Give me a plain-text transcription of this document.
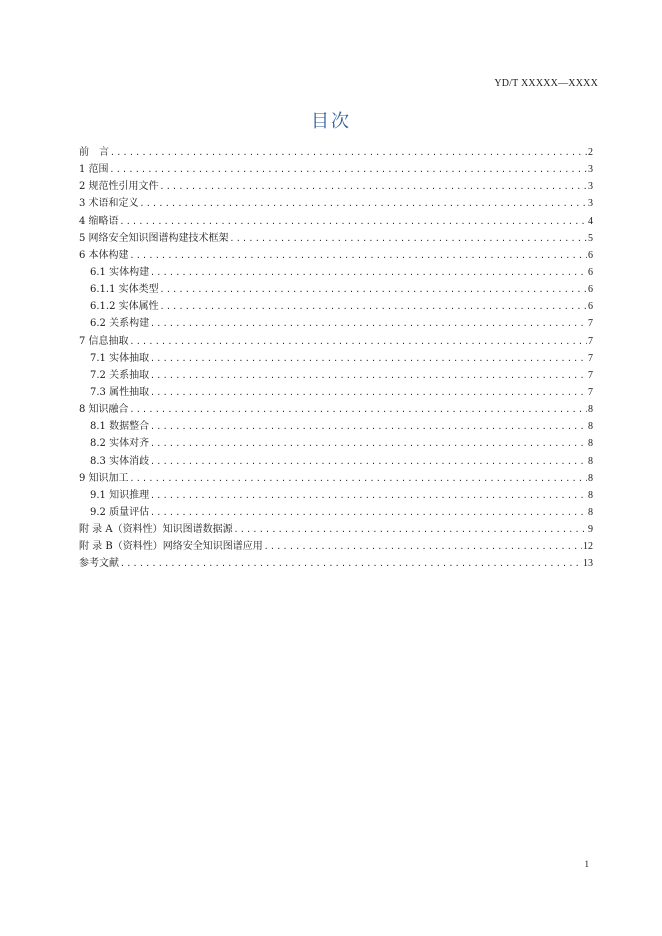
YD/T XXXXX—XXXX
目次
前　言 .....	2
1 范围 .....	3
2 规范性引用文件 .....	3
3 术语和定义 .....	3
4 缩略语 .....	4
5 网络安全知识图谱构建技术框架 .....	5
6 本体构建 .....	6
6.1 实体构建 .....	6
6.1.1 实体类型 .....	6
6.1.2 实体属性 .....	6
6.2 关系构建 .....	7
7 信息抽取 .....	7
7.1 实体抽取 .....	7
7.2 关系抽取 .....	7
7.3 属性抽取 .....	7
8 知识融合 .....	8
8.1 数据整合 .....	8
8.2 实体对齐 .....	8
8.3 实体消歧 .....	8
9 知识加工 .....	8
9.1 知识推理 .....	8
9.2 质量评估 .....	8
附 录 A（资料性）知识图谱数据源 .....	9
附 录 B（资料性）网络安全知识图谱应用 .....	12
参考文献 .....	13
1
